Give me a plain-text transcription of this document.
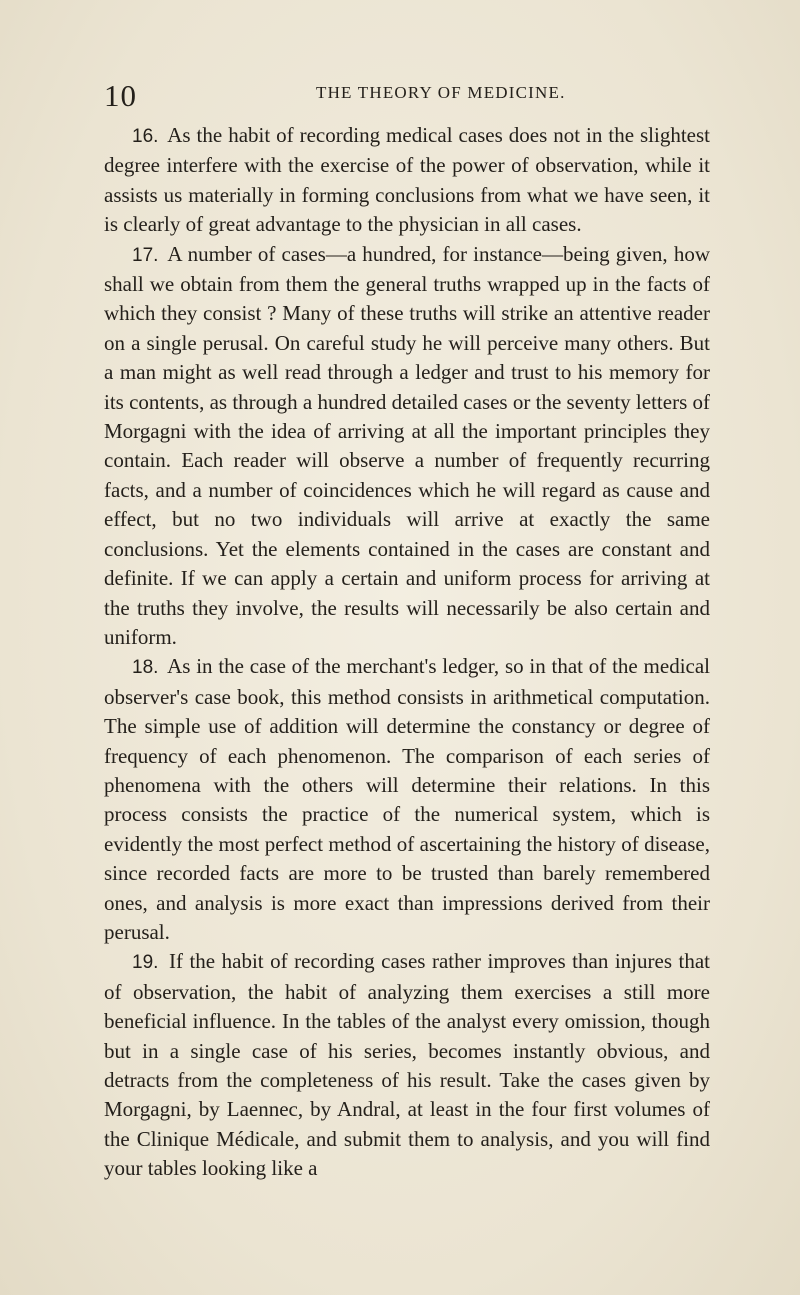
10	THE THEORY OF MEDICINE.

16. As the habit of recording medical cases does not in the slightest degree interfere with the exercise of the power of observation, while it assists us materially in forming conclusions from what we have seen, it is clearly of great advantage to the physician in all cases.

17. A number of cases—a hundred, for instance—being given, how shall we obtain from them the general truths wrapped up in the facts of which they consist ? Many of these truths will strike an attentive reader on a single perusal. On careful study he will perceive many others. But a man might as well read through a ledger and trust to his memory for its contents, as through a hundred detailed cases or the seventy letters of Morgagni with the idea of arriving at all the important principles they contain. Each reader will observe a number of frequently recurring facts, and a number of coincidences which he will regard as cause and effect, but no two individuals will arrive at exactly the same conclusions. Yet the elements contained in the cases are constant and definite. If we can apply a certain and uniform process for arriving at the truths they involve, the results will necessarily be also certain and uniform.

18. As in the case of the merchant's ledger, so in that of the medical observer's case book, this method consists in arithmetical computation. The simple use of addition will determine the constancy or degree of frequency of each phenomenon. The comparison of each series of phenomena with the others will determine their relations. In this process consists the practice of the numerical system, which is evidently the most perfect method of ascertaining the history of disease, since recorded facts are more to be trusted than barely remembered ones, and analysis is more exact than impressions derived from their perusal.

19. If the habit of recording cases rather improves than injures that of observation, the habit of analyzing them exercises a still more beneficial influence. In the tables of the analyst every omission, though but in a single case of his series, becomes instantly obvious, and detracts from the completeness of his result. Take the cases given by Morgagni, by Laennec, by Andral, at least in the four first volumes of the Clinique Médicale, and submit them to analysis, and you will find your tables looking like a
